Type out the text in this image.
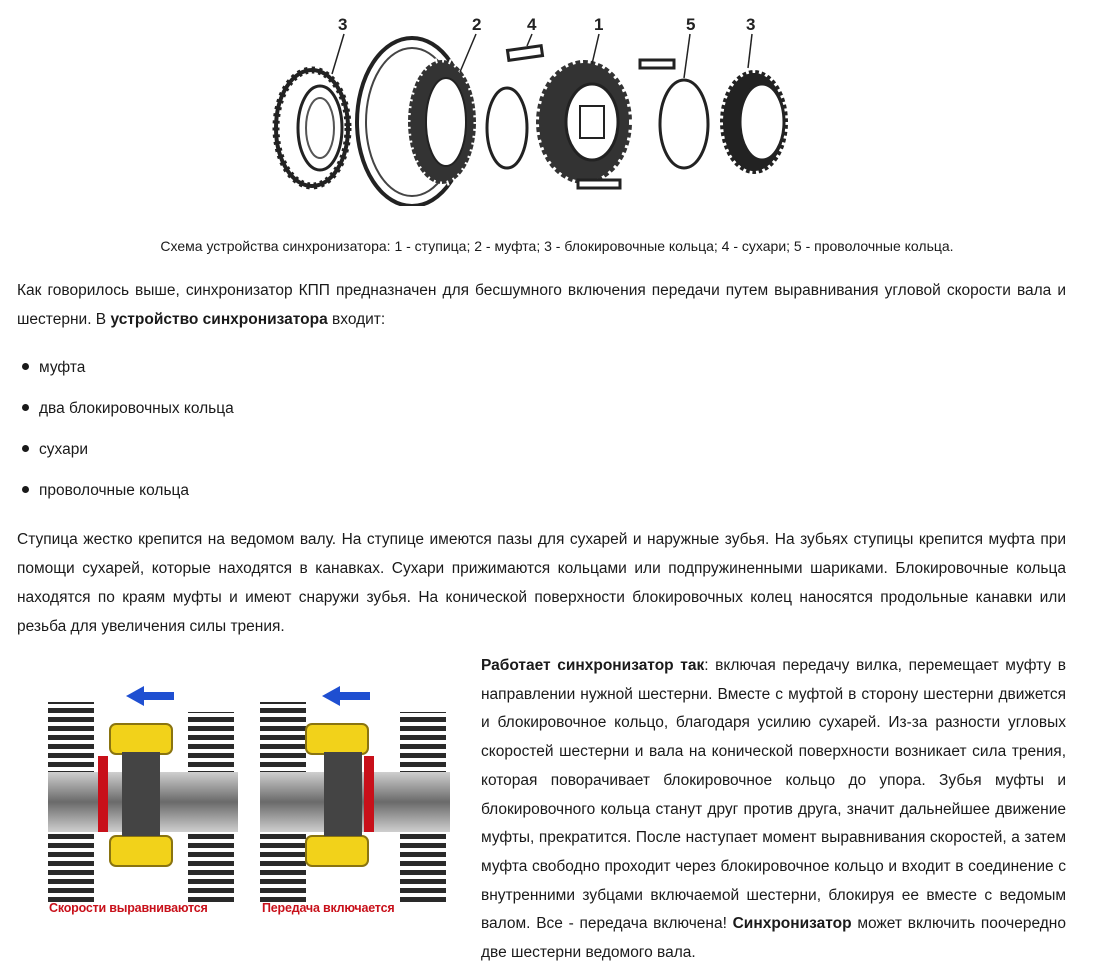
3	2	4	1	5	3
Схема устройства синхронизатора: 1 - ступица; 2 - муфта; 3 - блокировочные кольца; 4 - сухари; 5 - проволочные кольца.

Как говорилось выше, синхронизатор КПП предназначен для бесшумного включения передачи путем выравнивания угловой скорости вала и шестерни. В устройство синхронизатора входит:

муфта
два блокировочных кольца
сухари
проволочные кольца

Ступица жестко крепится на ведомом валу. На ступице имеются пазы для сухарей и наружные зубья. На зубьях ступицы крепится муфта при помощи сухарей, которые находятся в канавках. Сухари прижимаются кольцами или подпружиненными шариками. Блокировочные кольца находятся по краям муфты и имеют снаружи зубья. На конической поверхности блокировочных колец наносятся продольные канавки или резьба для увеличения силы трения.

Скорости выравниваются	Передача включается

Работает синхронизатор так: включая передачу вилка, перемещает муфту в направлении нужной шестерни. Вместе с муфтой в сторону шестерни движется и блокировочное кольцо, благодаря усилию сухарей. Из-за разности угловых скоростей шестерни и вала на конической поверхности возникает сила трения, которая поворачивает блокировочное кольцо до упора. Зубья муфты и блокировочного кольца станут друг против друга, значит дальнейшее движение муфты, прекратится. После наступает момент выравнивания скоростей, а затем муфта свободно проходит через блокировочное кольцо и входит в соединение с внутренними зубцами включаемой шестерни, блокируя ее вместе с ведомым валом. Все - передача включена! Синхронизатор может включить поочередно две шестерни ведомого вала.
